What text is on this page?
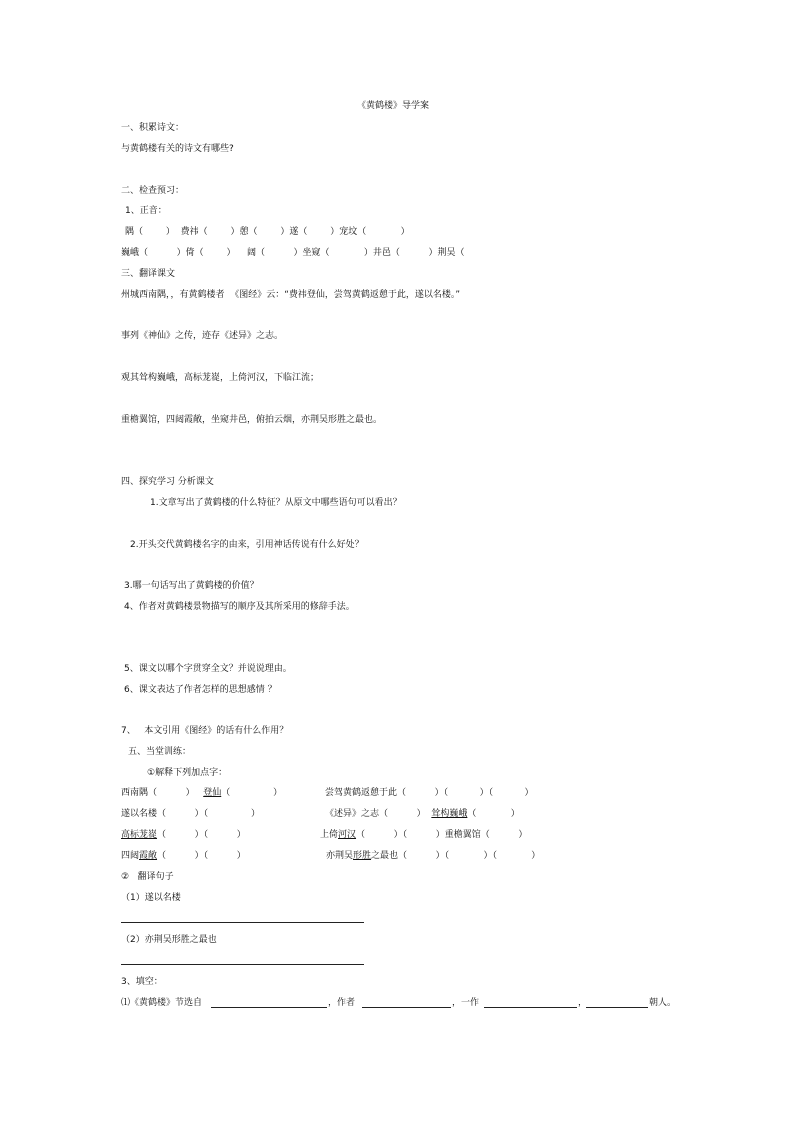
《黄鹤楼》导学案
一、积累诗文：
与黄鹤楼有关的诗文有哪些?
二、检查预习：
1、正音：
隅（        ）  费祎（        ）憩（        ）遂（        ）宠坟（            ）
巍峨（          ）倚（        ）    阔（          ）坐窥（            ）井邑（          ）荆吴（
三、翻译课文
州城西南隅，，有黄鹤楼者  《图经》云：“费祎登仙，尝驾黄鹤返憩于此，遂以名楼。”
事列《神仙》之传，迹存《述异》之志。
观其耸构巍峨，高标茏嵸，上倚河汉，下临江流；
重檐翼馆，四闼霞敞，坐窥井邑，俯拍云烟，亦荆吴形胜之最也。
四、探究学习 分析课文
1.文章写出了黄鹤楼的什么特征？从原文中哪些语句可以看出？
2.开头交代黄鹤楼名字的由来，引用神话传说有什么好处？
3.哪一句话写出了黄鹤楼的价值？
4、作者对黄鹤楼景物描写的顺序及其所采用的修辞手法。
5、课文以哪个字贯穿全文？并说说理由。
6、课文表达了作者怎样的思想感情 ？
7、   本文引用《图经》的话有什么作用？
五、当堂训练：
①解释下列加点字：
西南隅（          ）   登仙（               ）	尝驾黄鹤返憩于此（          ）（           ）（           ）
遂以名楼（          ）（               ）	《述异》之志（          ）  耸构巍峨（            ）
高标茏嵸（          ）（          ）	上倚河汉（          ）（          ）重檐翼馆（          ）
四闼霞敞（          ）（          ）	亦荆吴形胜之最也（          ）（            ）（            ）
②   翻译句子
（1）遂以名楼
（2）亦荆吴形胜之最也
3、填空：
⑴《黄鹤楼》节选自	，作者	，一作	，	朝人。
